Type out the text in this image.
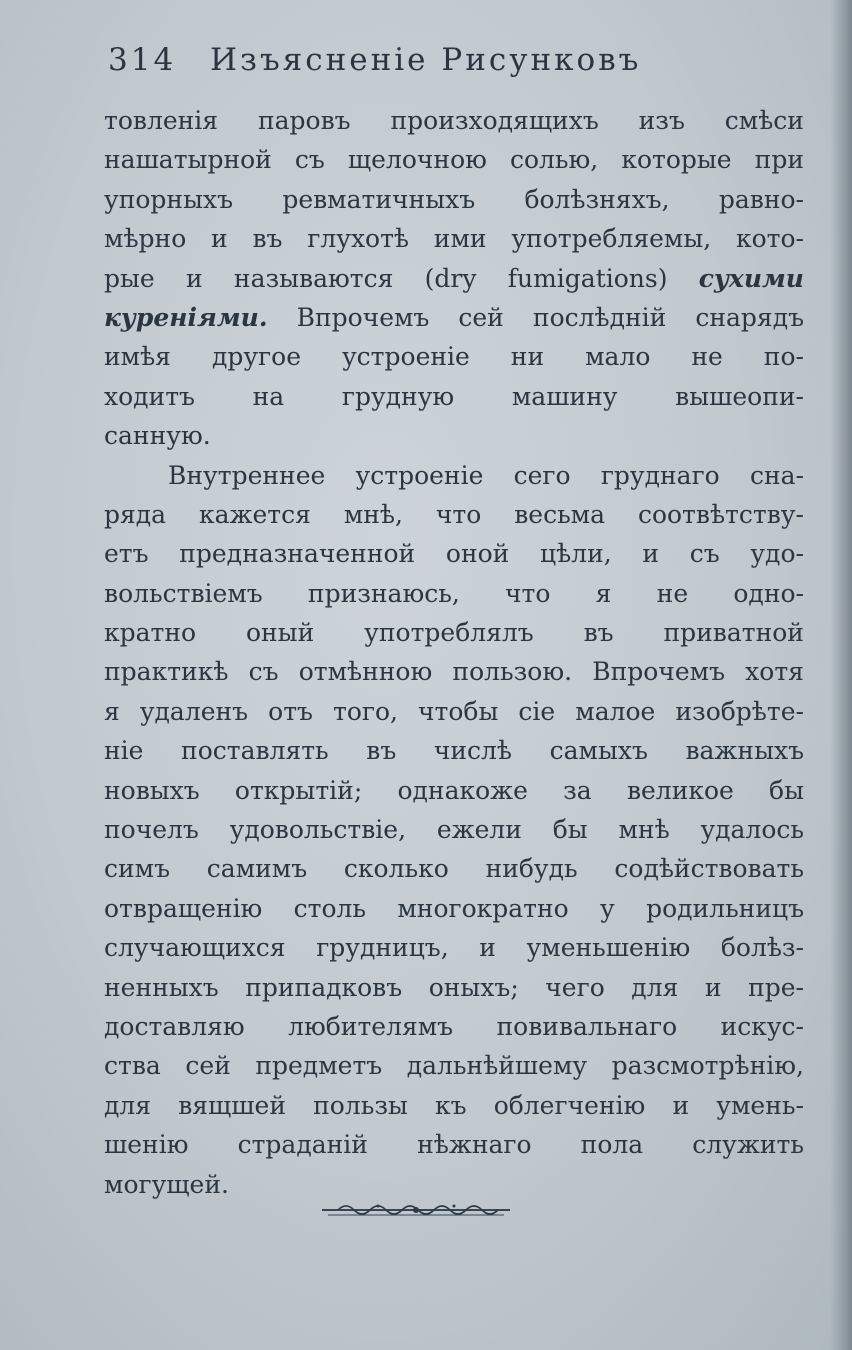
314 Изъясненіе Рисунковъ
товленія паровъ произходящихъ изъ смѣси
нашатырной съ щелочною солью, которые при
упорныхъ ревматичныхъ болѣзняхъ, равно-
мѣрно и въ глухотѣ ими употребляемы, кото-
рые и называются (dry fumigations) сухими
куреніями. Впрочемъ сей послѣдній снарядъ
имѣя другое устроеніе ни мало не по-
ходитъ на грудную машину вышеопи-
санную.
Внутреннее устроеніе сего груднаго сна-
ряда кажется мнѣ, что весьма соотвѣтству-
етъ предназначенной оной цѣли, и съ удо-
вольствіемъ признаюсь, что я не одно-
кратно оный употреблялъ въ приватной
практикѣ съ отмѣнною пользою. Впрочемъ хотя
я удаленъ отъ того, чтобы сіе малое изобрѣте-
ніе поставлять въ числѣ самыхъ важныхъ
новыхъ открытій; однакоже за великое бы
почелъ удовольствіе, ежели бы мнѣ удалось
симъ самимъ сколько нибудь содѣйствовать
отвращенію столь многократно у родильницъ
случающихся грудницъ, и уменьшенію болѣз-
ненныхъ припадковъ оныхъ; чего для и пре-
доставляю любителямъ повивальнаго искус-
ства сей предметъ дальнѣйшему разсмотрѣнію,
для вящшей пользы къ облегченію и умень-
шенію страданій нѣжнаго пола служить
могущей.
